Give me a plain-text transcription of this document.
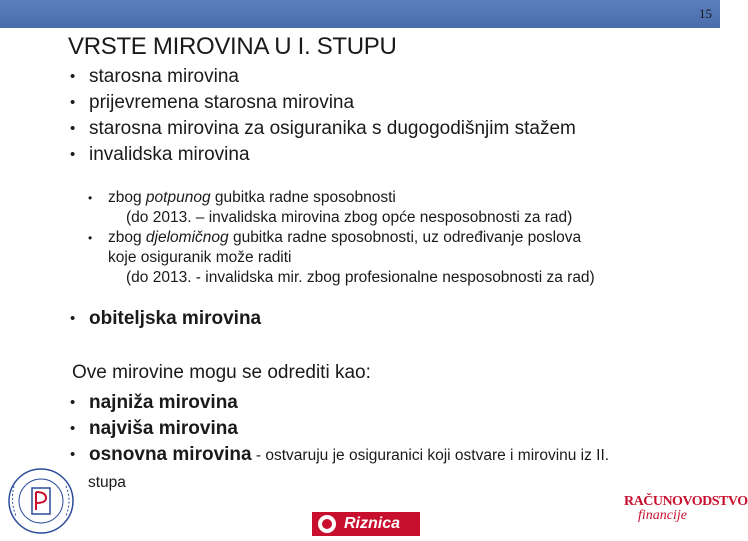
15
VRSTE MIROVINA U I. STUPU
• starosna mirovina
• prijevremena starosna mirovina
• starosna mirovina za osiguranika s dugogodišnjim stažem
• invalidska mirovina
• zbog potpunog gubitka radne sposobnosti
(do 2013. – invalidska mirovina zbog opće nesposobnosti za rad)
• zbog djelomičnog gubitka radne sposobnosti, uz određivanje poslova
koje osiguranik može raditi
(do 2013. - invalidska mir. zbog profesionalne nesposobnosti za rad)
• obiteljska mirovina
Ove mirovine mogu se odrediti kao:
• najniža mirovina
• najviša mirovina
• osnovna mirovina - ostvaruju je osiguranici koji ostvare i mirovinu iz II.
stupa
Riznica
RAČUNOVODSTVO
financije
